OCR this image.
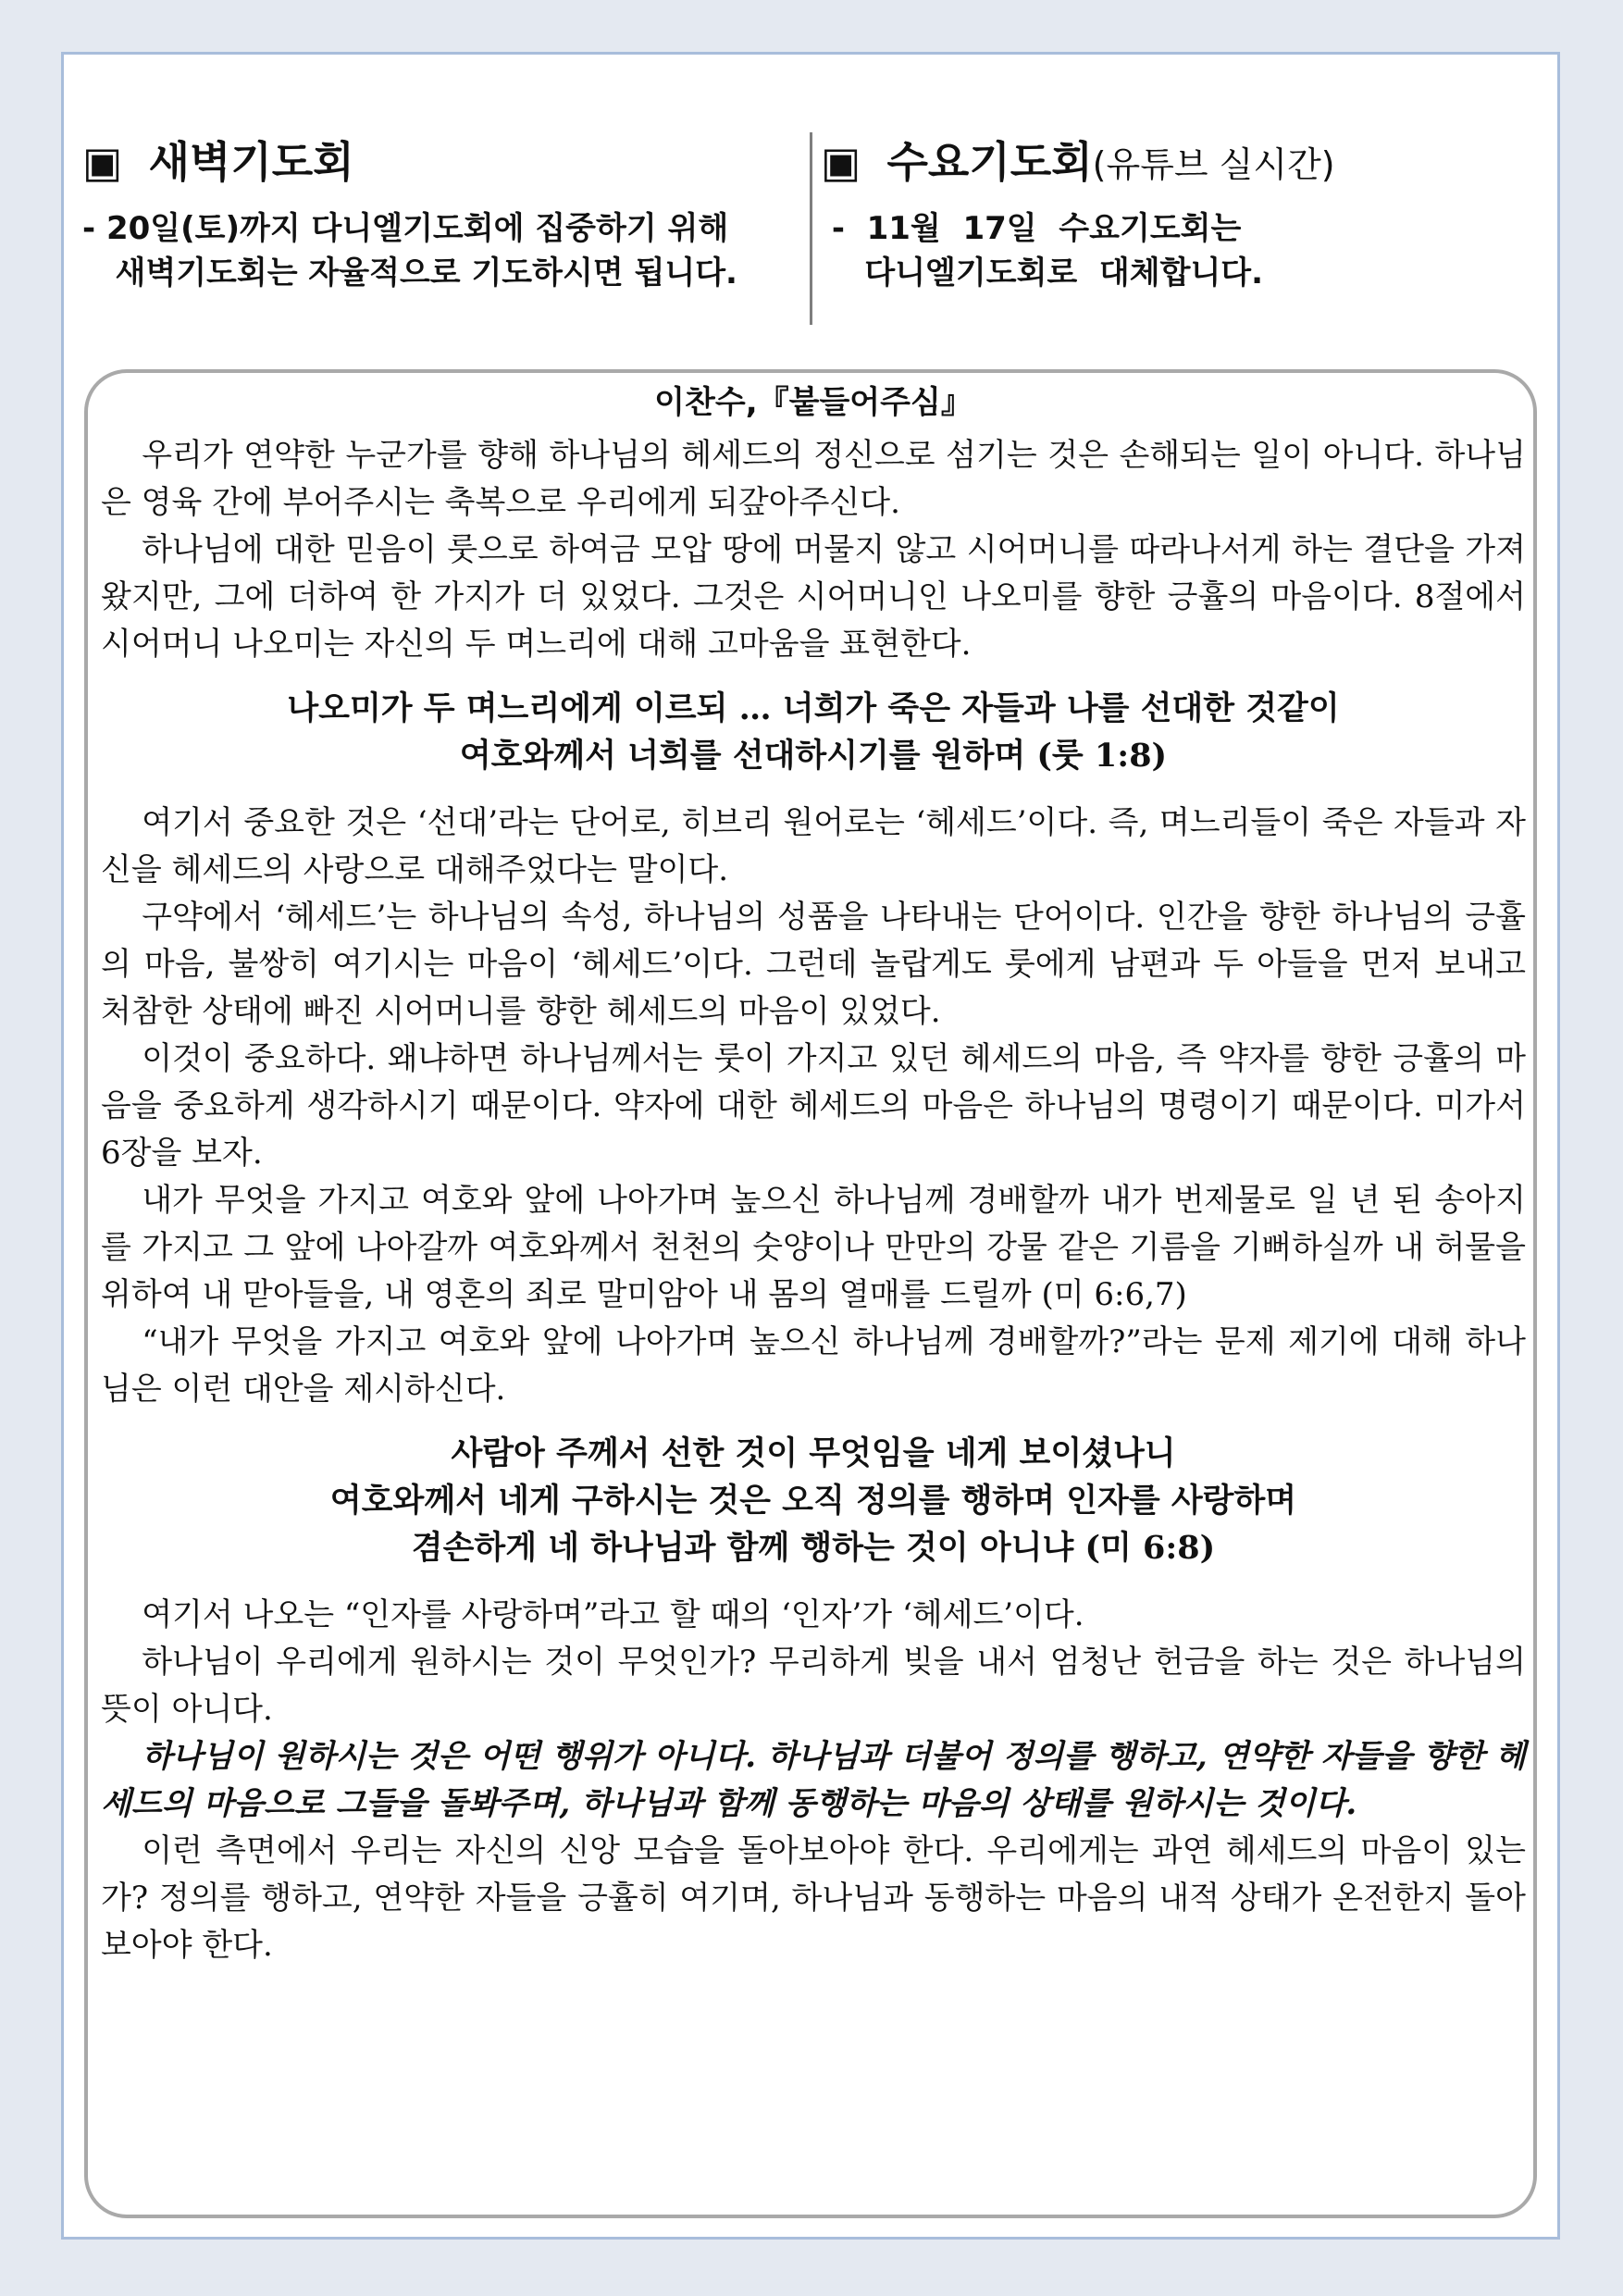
▣ 새벽기도회
- 20일(토)까지 다니엘기도회에 집중하기 위해
새벽기도회는 자율적으로 기도하시면 됩니다.
▣ 수요기도회(유튜브 실시간)
-  11월  17일  수요기도회는
다니엘기도회로  대체합니다.
이찬수,『붙들어주심』

우리가 연약한 누군가를 향해 하나님의 헤세드의 정신으로 섬기는 것은 손해되는 일이 아니다. 하나님은 영육 간에 부어주시는 축복으로 우리에게 되갚아주신다.

하나님에 대한 믿음이 룻으로 하여금 모압 땅에 머물지 않고 시어머니를 따라나서게 하는 결단을 가져왔지만, 그에 더하여 한 가지가 더 있었다. 그것은 시어머니인 나오미를 향한 긍휼의 마음이다. 8절에서 시어머니 나오미는 자신의 두 며느리에 대해 고마움을 표현한다.

나오미가 두 며느리에게 이르되 … 너희가 죽은 자들과 나를 선대한 것같이
여호와께서 너희를 선대하시기를 원하며 (룻 1:8)

여기서 중요한 것은 ‘선대’라는 단어로, 히브리 원어로는 ‘헤세드’이다. 즉, 며느리들이 죽은 자들과 자신을 헤세드의 사랑으로 대해주었다는 말이다.

구약에서 ‘헤세드’는 하나님의 속성, 하나님의 성품을 나타내는 단어이다. 인간을 향한 하나님의 긍휼의 마음, 불쌍히 여기시는 마음이 ‘헤세드’이다. 그런데 놀랍게도 룻에게 남편과 두 아들을 먼저 보내고 처참한 상태에 빠진 시어머니를 향한 헤세드의 마음이 있었다.

이것이 중요하다. 왜냐하면 하나님께서는 룻이 가지고 있던 헤세드의 마음, 즉 약자를 향한 긍휼의 마음을 중요하게 생각하시기 때문이다. 약자에 대한 헤세드의 마음은 하나님의 명령이기 때문이다. 미가서 6장을 보자.

내가 무엇을 가지고 여호와 앞에 나아가며 높으신 하나님께 경배할까 내가 번제물로 일 년 된 송아지를 가지고 그 앞에 나아갈까 여호와께서 천천의 숫양이나 만만의 강물 같은 기름을 기뻐하실까 내 허물을 위하여 내 맏아들을, 내 영혼의 죄로 말미암아 내 몸의 열매를 드릴까 (미 6:6,7)

“내가 무엇을 가지고 여호와 앞에 나아가며 높으신 하나님께 경배할까?”라는 문제 제기에 대해 하나님은 이런 대안을 제시하신다.

사람아 주께서 선한 것이 무엇임을 네게 보이셨나니
여호와께서 네게 구하시는 것은 오직 정의를 행하며 인자를 사랑하며
겸손하게 네 하나님과 함께 행하는 것이 아니냐 (미 6:8)

여기서 나오는 “인자를 사랑하며”라고 할 때의 ‘인자’가 ‘헤세드’이다.

하나님이 우리에게 원하시는 것이 무엇인가? 무리하게 빚을 내서 엄청난 헌금을 하는 것은 하나님의 뜻이 아니다.

하나님이 원하시는 것은 어떤 행위가 아니다. 하나님과 더불어 정의를 행하고, 연약한 자들을 향한 헤세드의 마음으로 그들을 돌봐주며, 하나님과 함께 동행하는 마음의 상태를 원하시는 것이다.

이런 측면에서 우리는 자신의 신앙 모습을 돌아보아야 한다. 우리에게는 과연 헤세드의 마음이 있는가? 정의를 행하고, 연약한 자들을 긍휼히 여기며, 하나님과 동행하는 마음의 내적 상태가 온전한지 돌아보아야 한다.
